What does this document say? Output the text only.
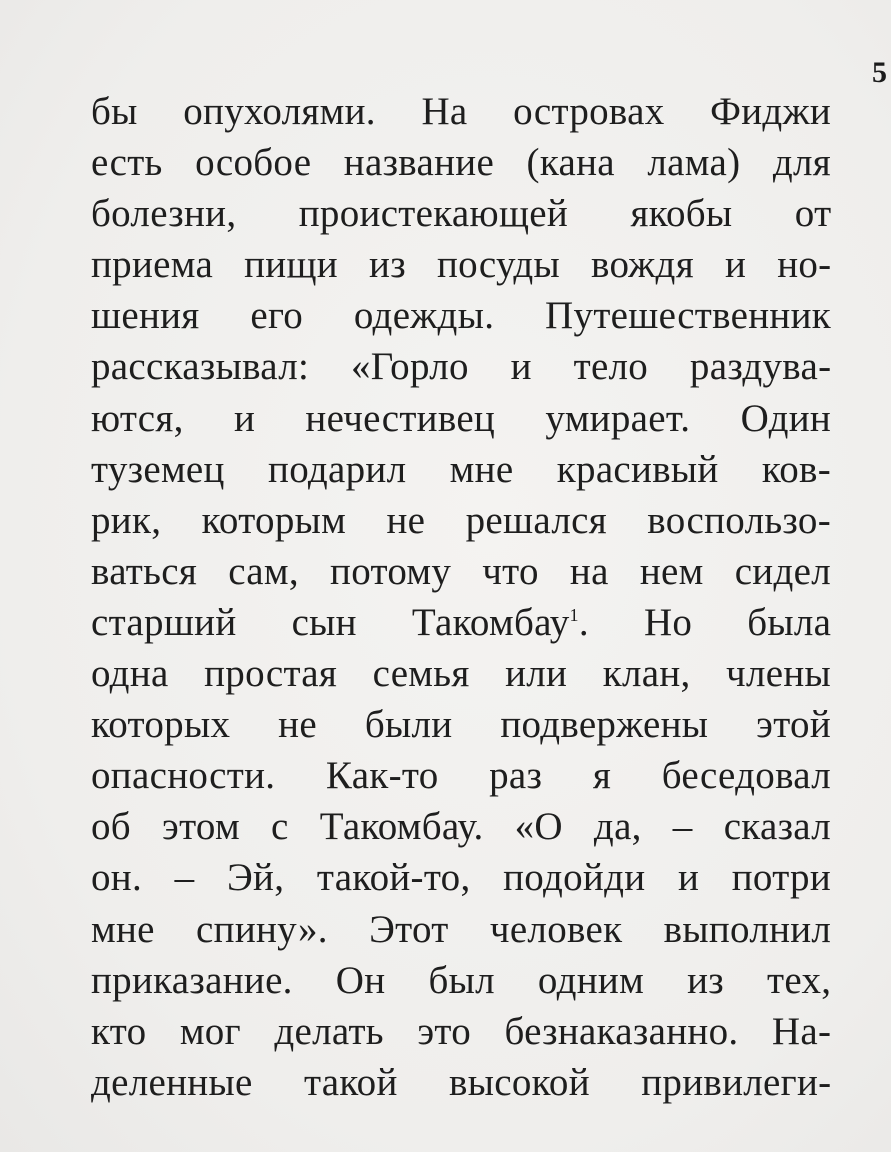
5
бы опухолями. На островах Фиджи
есть особое название (кана лама) для
болезни, проистекающей якобы от
приема пищи из посуды вождя и но-
шения его одежды. Путешественник
рассказывал: «Горло и тело раздува-
ются, и нечестивец умирает. Один
туземец подарил мне красивый ков-
рик, которым не решался воспользо-
ваться сам, потому что на нем сидел
старший сын Такомбау$^1$. Но была
одна простая семья или клан, члены
которых не были подвержены этой
опасности. Как-то раз я беседовал
об этом с Такомбау. «О да, – сказал
он. – Эй, такой-то, подойди и потри
мне спину». Этот человек выполнил
приказание. Он был одним из тех,
кто мог делать это безнаказанно. На-
деленные такой высокой привилеги-
